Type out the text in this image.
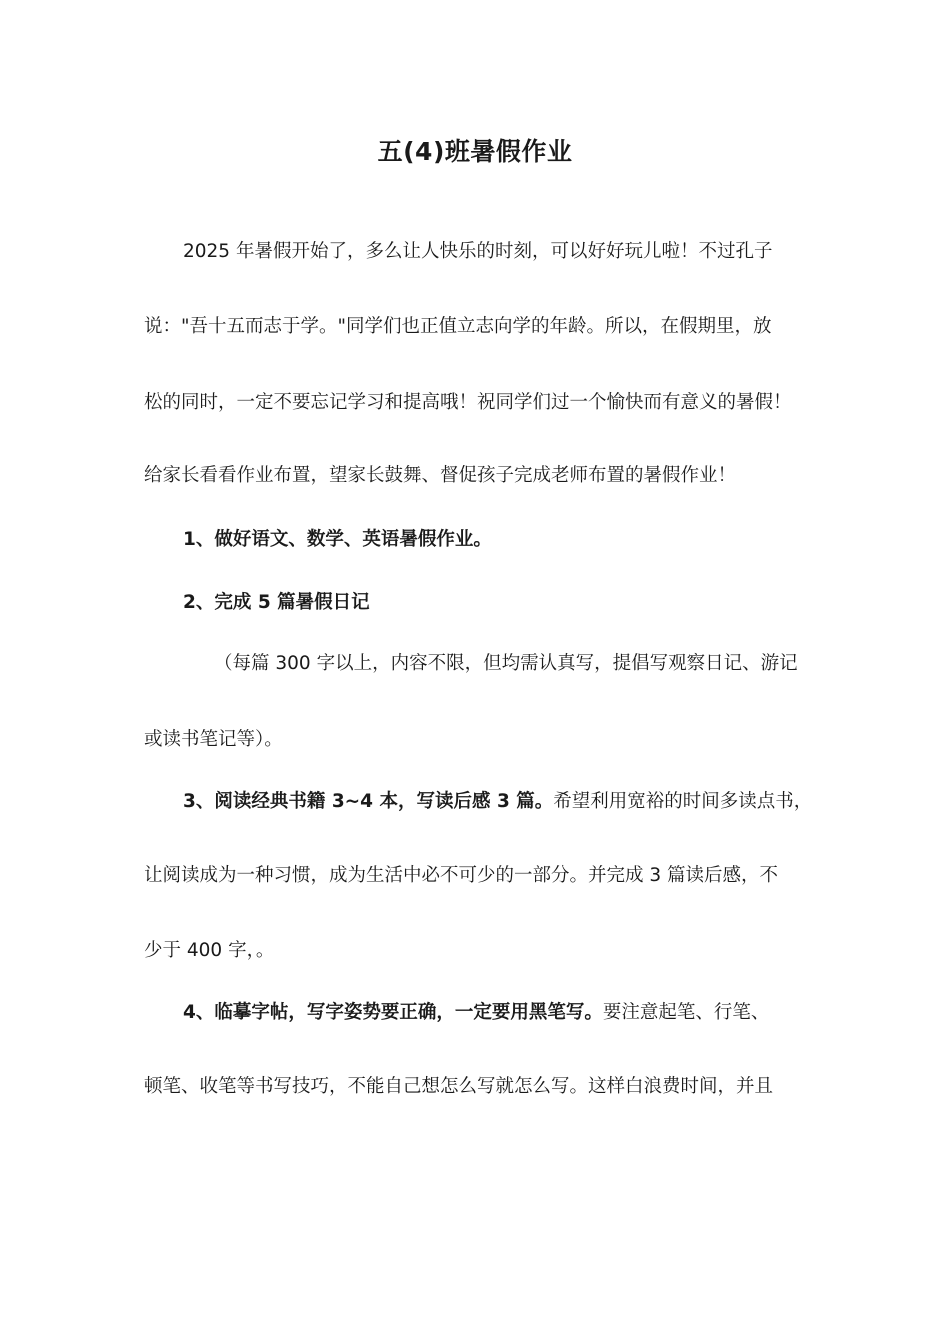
五(4)班暑假作业

2025 年暑假开始了，多么让人快乐的时刻，可以好好玩儿啦！不过孔子

说："吾十五而志于学。"同学们也正值立志向学的年龄。所以，在假期里，放

松的同时，一定不要忘记学习和提高哦！祝同学们过一个愉快而有意义的暑假！

给家长看看作业布置，望家长鼓舞、督促孩子完成老师布置的暑假作业！

1、做好语文、数学、英语暑假作业。

2、完成 5 篇暑假日记

（每篇 300 字以上，内容不限，但均需认真写，提倡写观察日记、游记

或读书笔记等）。

3、阅读经典书籍 3~4 本，写读后感 3 篇。希望利用宽裕的时间多读点书，

让阅读成为一种习惯，成为生活中必不可少的一部分。并完成 3 篇读后感，不

少于 400 字，。

4、临摹字帖，写字姿势要正确，一定要用黑笔写。要注意起笔、行笔、

顿笔、收笔等书写技巧，不能自己想怎么写就怎么写。这样白浪费时间，并且
